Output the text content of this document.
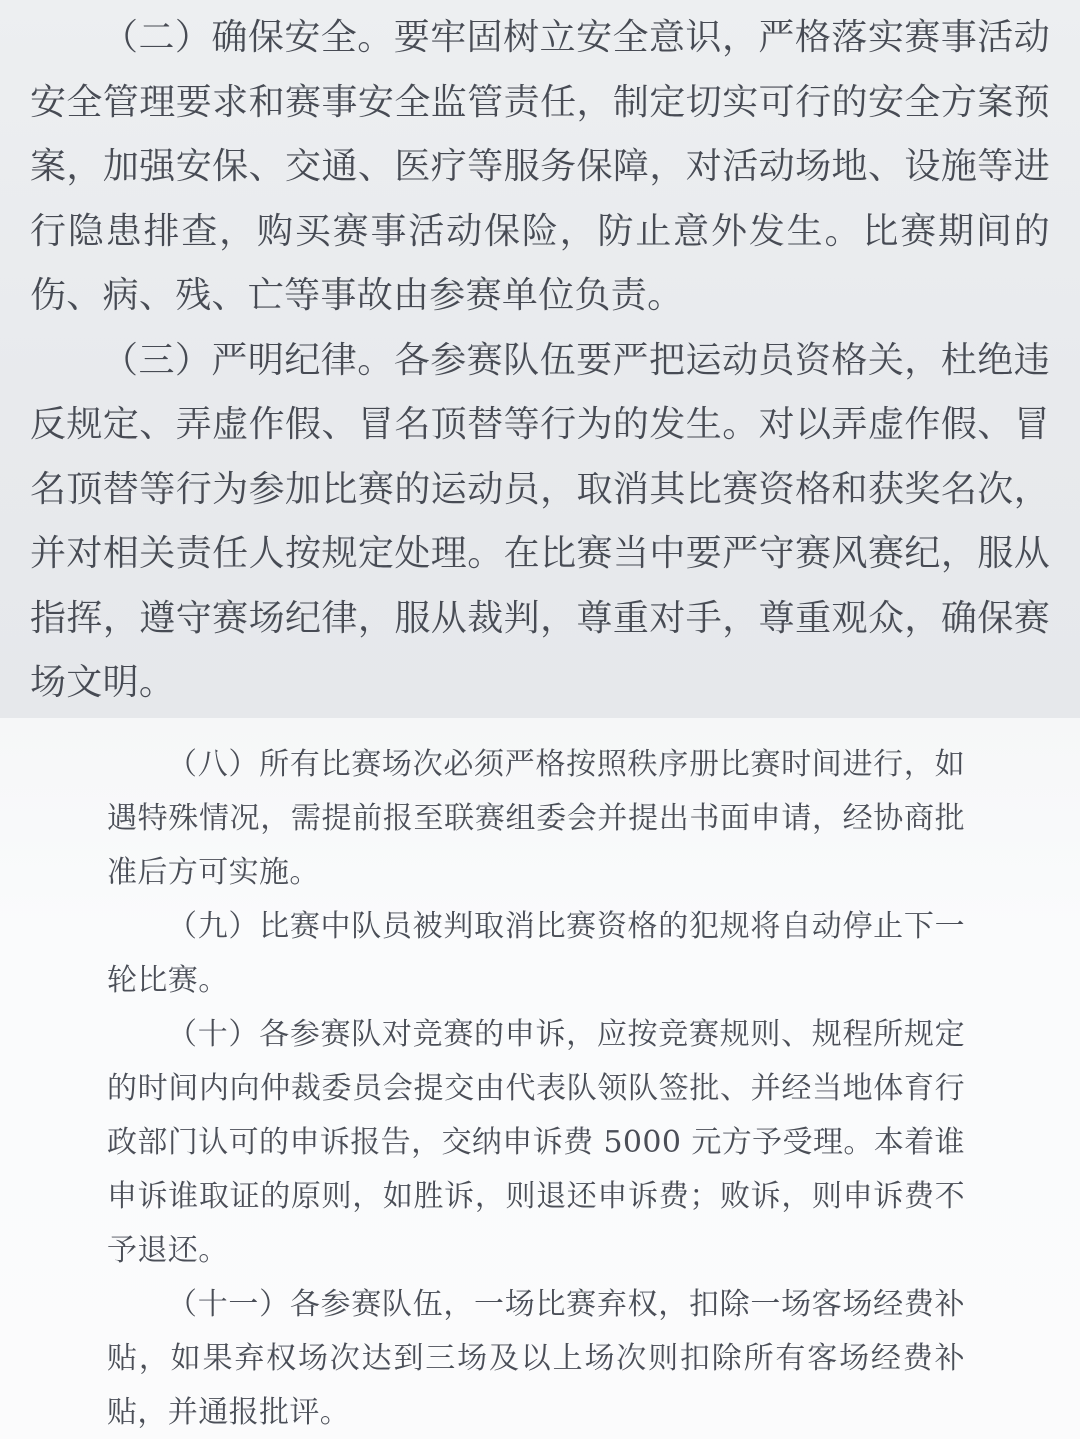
（二）确保安全。要牢固树立安全意识，严格落实赛事活动安全管理要求和赛事安全监管责任，制定切实可行的安全方案预案，加强安保、交通、医疗等服务保障，对活动场地、设施等进行隐患排查，购买赛事活动保险，防止意外发生。比赛期间的伤、病、残、亡等事故由参赛单位负责。

（三）严明纪律。各参赛队伍要严把运动员资格关，杜绝违反规定、弄虚作假、冒名顶替等行为的发生。对以弄虚作假、冒名顶替等行为参加比赛的运动员，取消其比赛资格和获奖名次，并对相关责任人按规定处理。在比赛当中要严守赛风赛纪，服从指挥，遵守赛场纪律，服从裁判，尊重对手，尊重观众，确保赛场文明。

（八）所有比赛场次必须严格按照秩序册比赛时间进行，如遇特殊情况，需提前报至联赛组委会并提出书面申请，经协商批准后方可实施。

（九）比赛中队员被判取消比赛资格的犯规将自动停止下一轮比赛。

（十）各参赛队对竞赛的申诉，应按竞赛规则、规程所规定的时间内向仲裁委员会提交由代表队领队签批、并经当地体育行政部门认可的申诉报告，交纳申诉费 5000 元方予受理。本着谁申诉谁取证的原则，如胜诉，则退还申诉费；败诉，则申诉费不予退还。

（十一）各参赛队伍，一场比赛弃权，扣除一场客场经费补贴，如果弃权场次达到三场及以上场次则扣除所有客场经费补贴，并通报批评。
